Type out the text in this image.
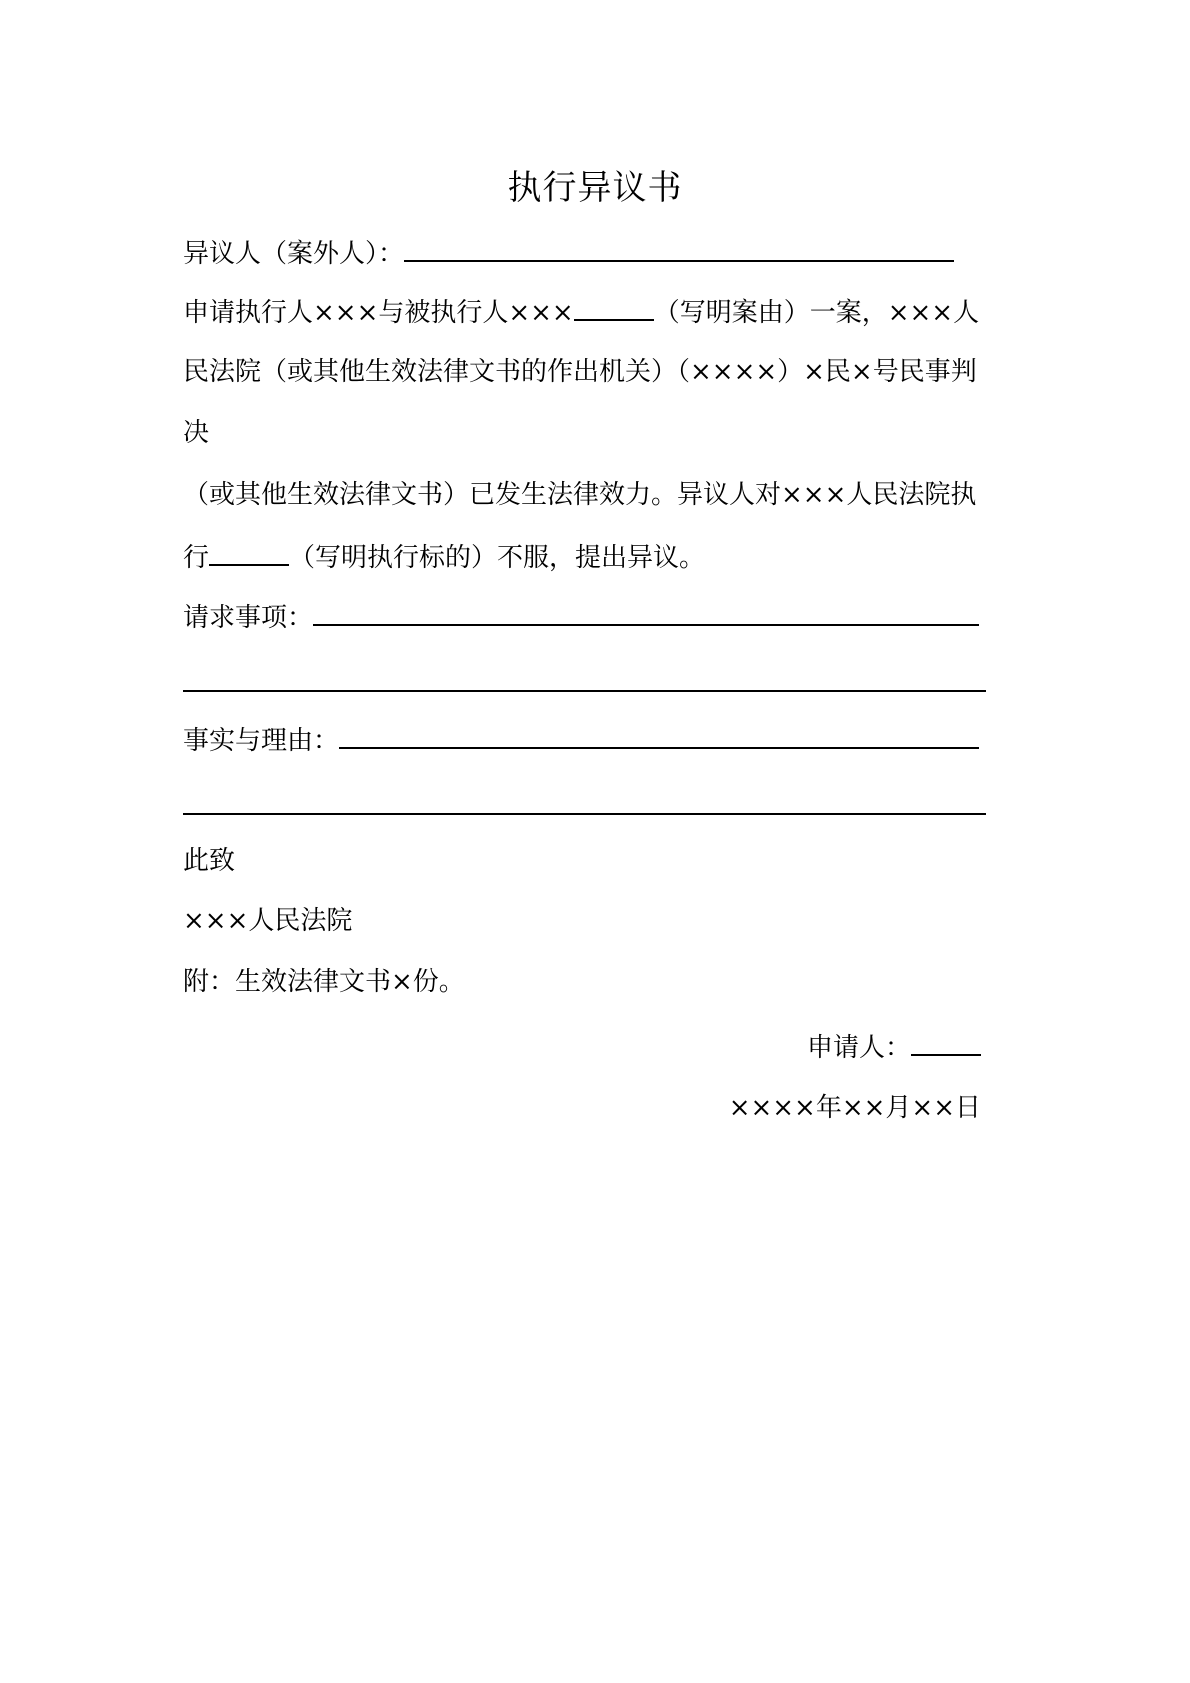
执行异议书
异议人（案外人）：
申请执行人×××与被执行人×××	（写明案由）一案，×××人
民法院（或其他生效法律文书的作出机关）（××××）×民×号民事判
决
（或其他生效法律文书）已发生法律效力。异议人对×××人民法院执
行	（写明执行标的）不服，提出异议。
请求事项：
事实与理由：
此致
×××人民法院
附：生效法律文书×份。
申请人：
××××年××月××日
